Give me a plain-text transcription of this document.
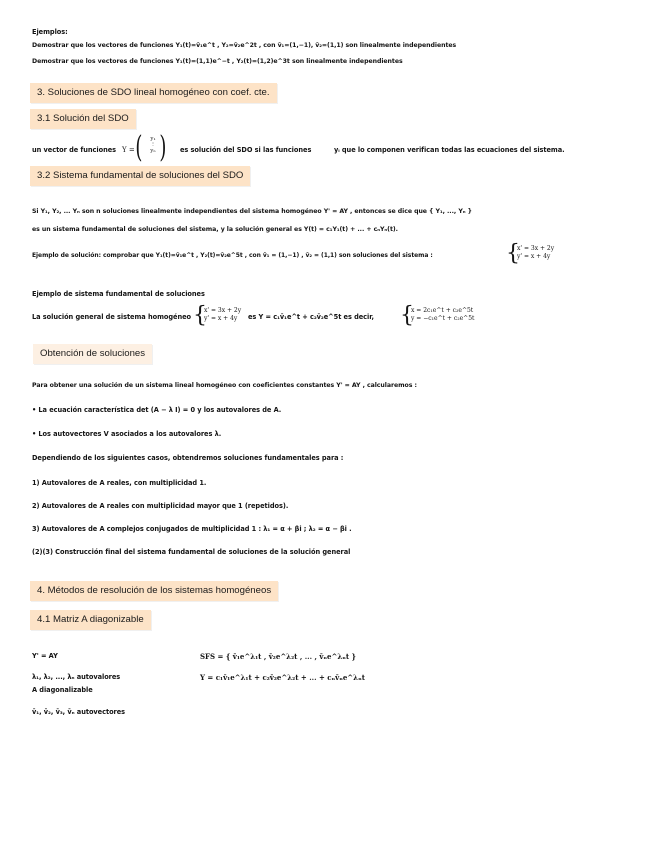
Ejemplos:
Demostrar que los vectores de funciones Y₁(t)=v̄₁e^t , Y₂=v̄₂e^2t , con v̄₁=(1,−1), v̄₂=(1,1) son linealmente independientes
Demostrar que los vectores de funciones Y₁(t)=(1,1)e^−t , Y₂(t)=(1,2)e^3t son linealmente independientes
3. Soluciones de SDO lineal homogéneo con coef. cte.
3.1 Solución del SDO
un vector de funciones Y = (	y₁
⋮
yₙ ) es solución del SDO si las funciones	yᵢ que lo componen verifican todas las ecuaciones del sistema.
3.2 Sistema fundamental de soluciones del SDO
Si Y₁, Y₂, ... Yₙ son n soluciones linealmente independientes del sistema homogéneo Y' = AY , entonces se dice que { Y₁, ..., Yₙ }
es un sistema fundamental de soluciones del sistema, y la solución general es Y(t) = c₁Y₁(t) + ... + cₙYₙ(t).
Ejemplo de solución: comprobar que Y₁(t)=v̄₁e^t , Y₂(t)=v̄₂e^5t , con v̄₁ = (1,−1) , v̄₂ = (1,1) son soluciones del sistema :	{
x' = 3x + 2y
y' = x + 4y
Ejemplo de sistema fundamental de soluciones
La solución general de sistema homogéneo {
x' = 3x + 2y
y' = x + 4y	es Y = c₁v̄₁e^t + c₂v̄₂e^5t es decir, {
x = 2c₁e^t + c₂e^5t
y = −c₁e^t + c₂e^5t
Obtención de soluciones
Para obtener una solución de un sistema lineal homogéneo con coeficientes constantes Y' = AY , calcularemos :
• La ecuación característica det (A − λ I) = 0 y los autovalores de A.
• Los autovectores V asociados a los autovalores λ.
Dependiendo de los siguientes casos, obtendremos soluciones fundamentales para :
1) Autovalores de A reales, con multiplicidad 1.
2) Autovalores de A reales con multiplicidad mayor que 1 (repetidos).
3) Autovalores de A complejos conjugados de multiplicidad 1 : λ₁ = α + βi ; λ₂ = α − βi .
(2)(3) Construcción final del sistema fundamental de soluciones de la solución general
4. Métodos de resolución de los sistemas homogéneos
4.1 Matriz A diagonizable
Y' = AY
λ₁, λ₂, ..., λₙ autovalores
A diagonalizable
v̄₁, v̄₂, v̄₃, v̄ₙ autovectores
SFS = { v̄₁e^λ₁t , v̄₂e^λ₂t , ... , v̄ₙe^λₙt }
Y = c₁v̄₁e^λ₁t + c₂v̄₂e^λ₂t + ... + cₙv̄ₙe^λₙt
